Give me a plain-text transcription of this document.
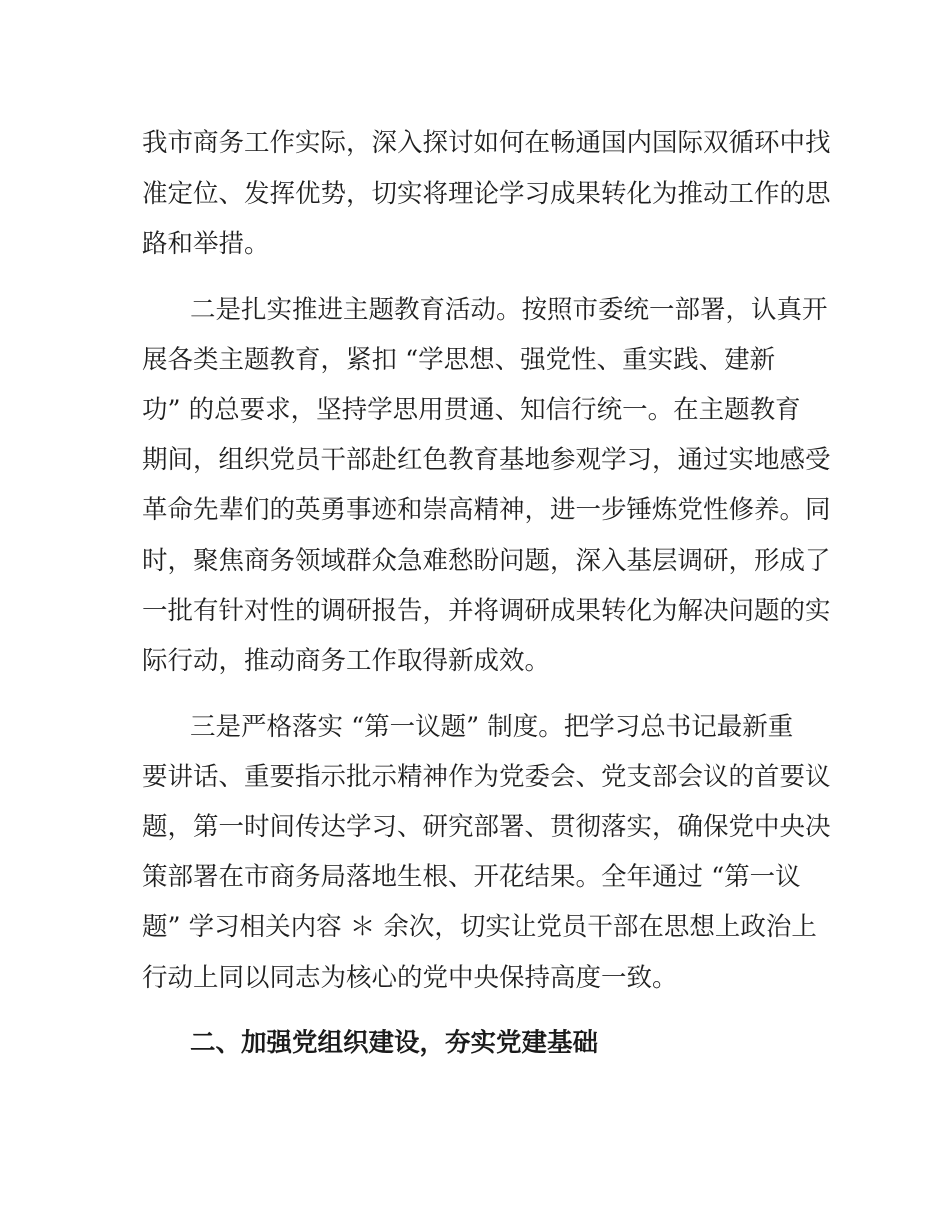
我市商务工作实际，深入探讨如何在畅通国内国际双循环中找
准定位、发挥优势，切实将理论学习成果转化为推动工作的思
路和举措。
二是扎实推进主题教育活动。按照市委统一部署，认真开
展各类主题教育，紧扣 “学思想、强党性、重实践、建新
功” 的总要求，坚持学思用贯通、知信行统一。在主题教育
期间，组织党员干部赴红色教育基地参观学习，通过实地感受
革命先辈们的英勇事迹和崇高精神，进一步锤炼党性修养。同
时，聚焦商务领域群众急难愁盼问题，深入基层调研，形成了
一批有针对性的调研报告，并将调研成果转化为解决问题的实
际行动，推动商务工作取得新成效。
三是严格落实 “第一议题” 制度。把学习总书记最新重
要讲话、重要指示批示精神作为党委会、党支部会议的首要议
题，第一时间传达学习、研究部署、贯彻落实，确保党中央决
策部署在市商务局落地生根、开花结果。全年通过 “第一议
题” 学习相关内容 ＊ 余次，切实让党员干部在思想上政治上
行动上同以同志为核心的党中央保持高度一致。
二、加强党组织建设，夯实党建基础
